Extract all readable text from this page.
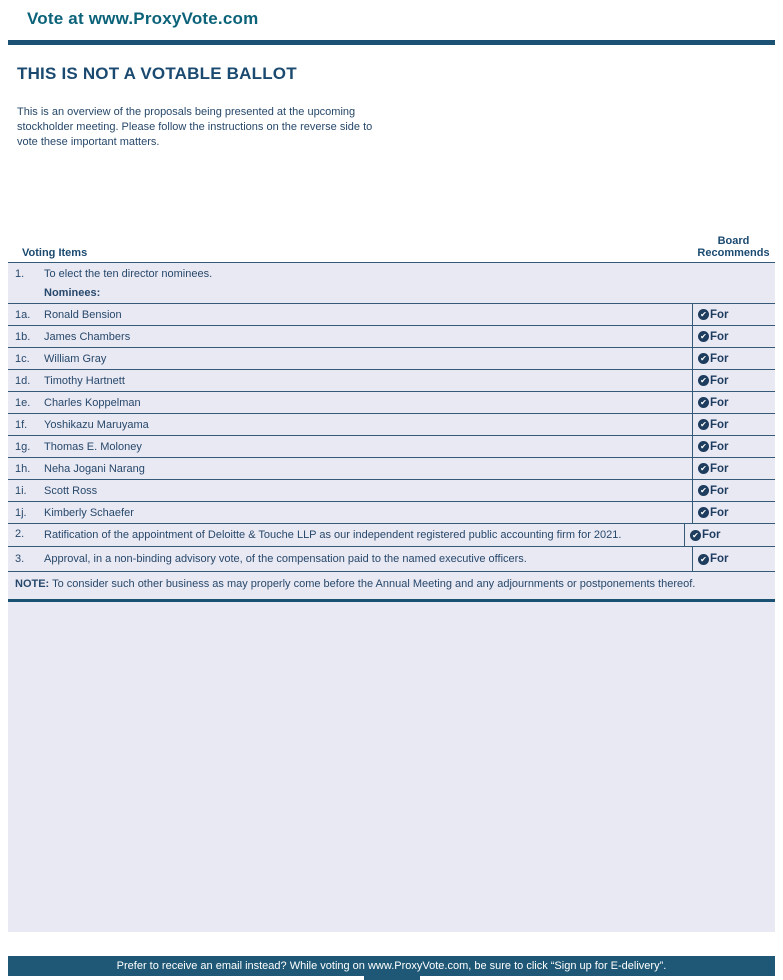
Vote at www.ProxyVote.com
THIS IS NOT A VOTABLE BALLOT
This is an overview of the proposals being presented at the upcoming stockholder meeting. Please follow the instructions on the reverse side to vote these important matters.
Voting Items
Board
Recommends
1.	To elect the ten director nominees.
Nominees:
1a.	Ronald Bension	✔ For
1b.	James Chambers	✔ For
1c.	William Gray	✔ For
1d.	Timothy Hartnett	✔ For
1e.	Charles Koppelman	✔ For
1f.	Yoshikazu Maruyama	✔ For
1g.	Thomas E. Moloney	✔ For
1h.	Neha Jogani Narang	✔ For
1i.	Scott Ross	✔ For
1j.	Kimberly Schaefer	✔ For
2.	Ratification of the appointment of Deloitte & Touche LLP as our independent registered public accounting firm for 2021.	✔ For
3.	Approval, in a non-binding advisory vote, of the compensation paid to the named executive officers.	✔ For
NOTE: To consider such other business as may properly come before the Annual Meeting and any adjournments or postponements thereof.
Prefer to receive an email instead? While voting on www.ProxyVote.com, be sure to click “Sign up for E-delivery”.
